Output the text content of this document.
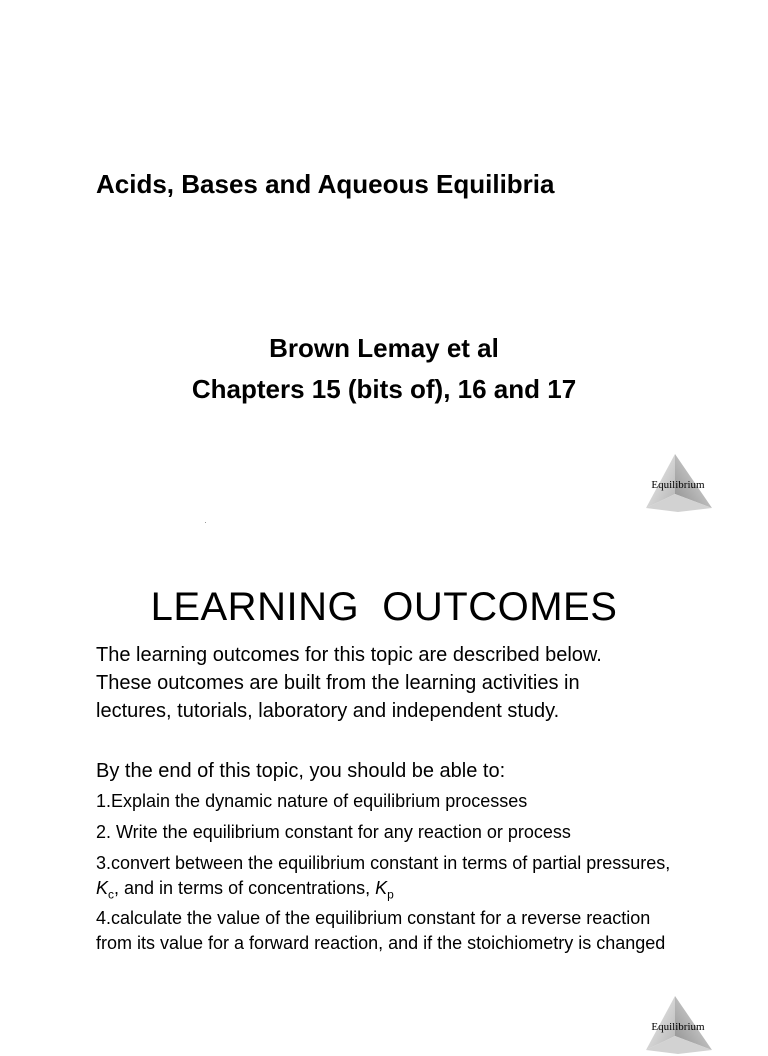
Acids, Bases and Aqueous Equilibria

Brown Lemay et al

Chapters 15 (bits of), 16 and 17

Equilibrium
LEARNING  OUTCOMES

The learning outcomes for this topic are described below. These outcomes are built from the learning activities in lectures, tutorials, laboratory and independent study.

By the end of this topic, you should be able to:

1.Explain the dynamic nature of equilibrium processes
2. Write the equilibrium constant for any reaction or process
3.convert between the equilibrium constant in terms of partial pressures, $K_c$, and in terms of concentrations, $K_p$
4.calculate the value of the equilibrium constant for a reverse reaction from its value for a forward reaction, and if the stoichiometry is changed
Equilibrium
